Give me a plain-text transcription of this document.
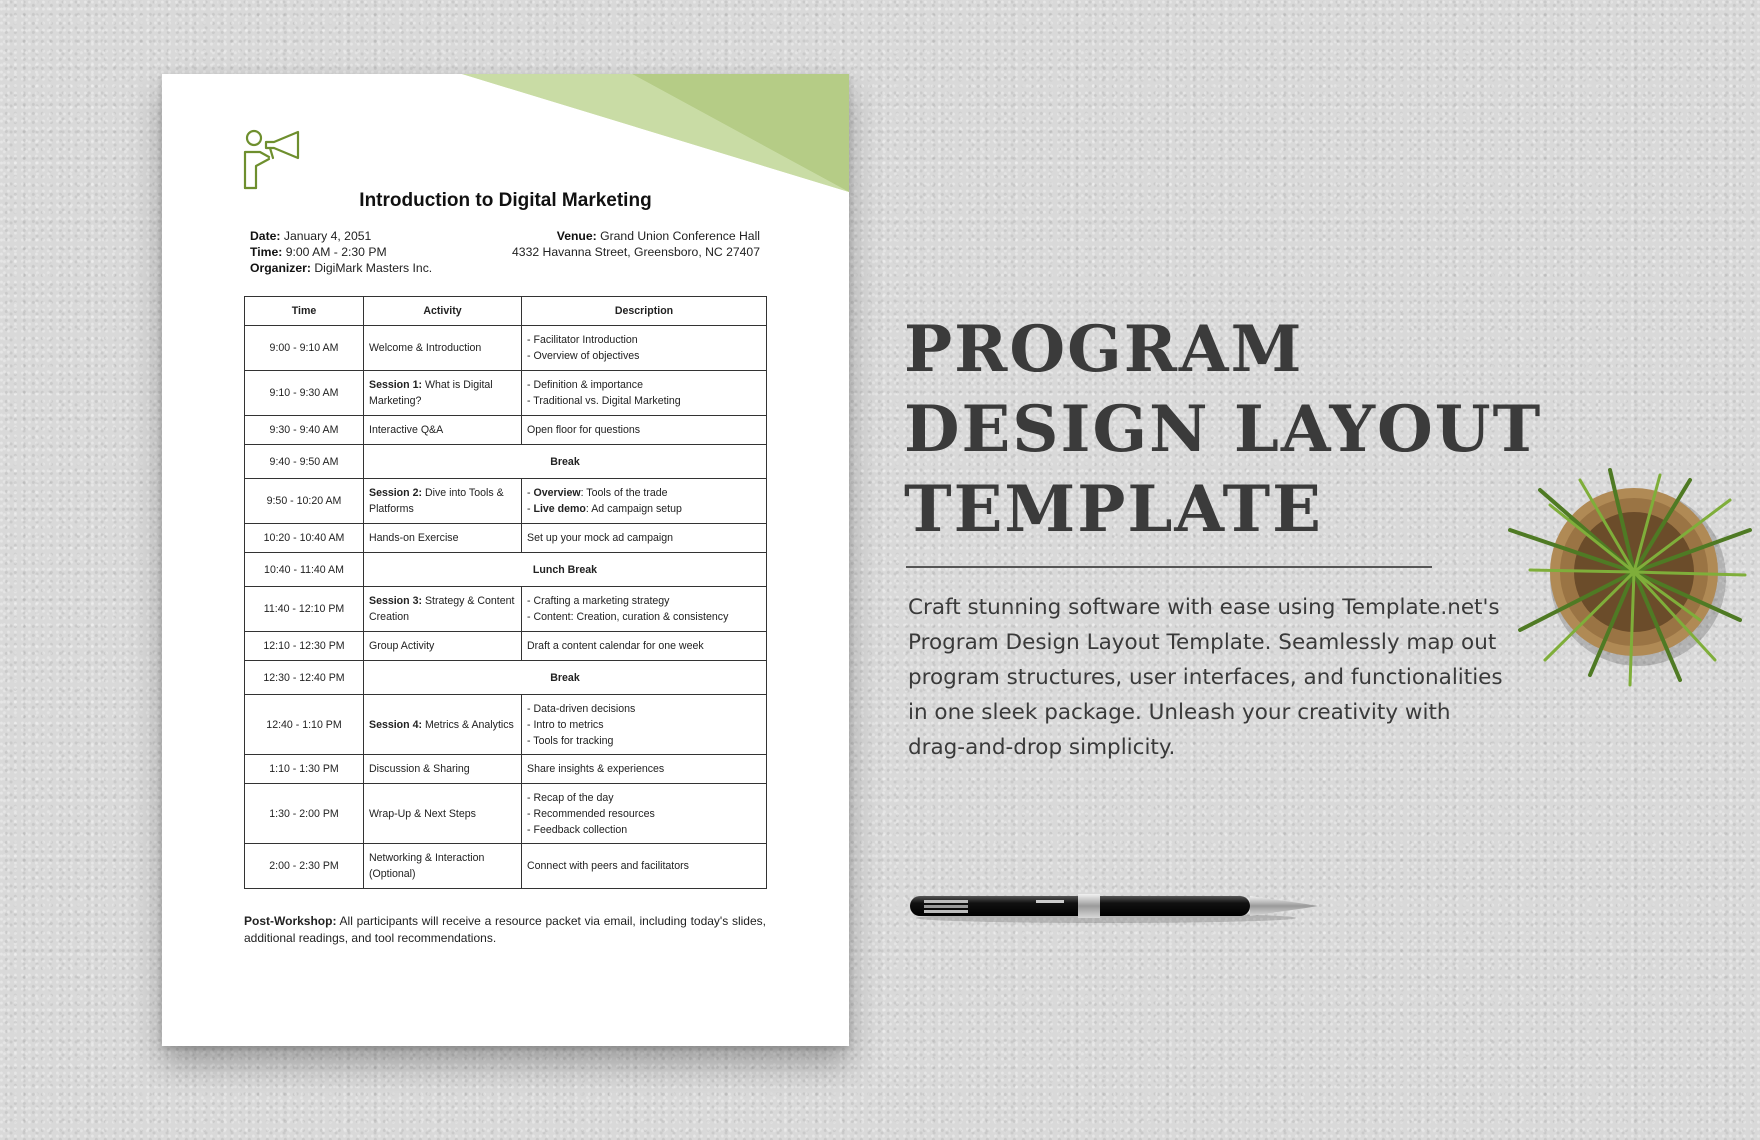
Introduction to Digital Marketing
Date: January 4, 2051
Time: 9:00 AM - 2:30 PM
Organizer: DigiMark Masters Inc.
Venue: Grand Union Conference Hall
4332 Havanna Street, Greensboro, NC 27407
Time	Activity	Description
9:00 - 9:10 AM	Welcome & Introduction	- Facilitator Introduction
- Overview of objectives

9:10 - 9:30 AM	Session 1: What is Digital Marketing?	- Definition & importance
- Traditional vs. Digital Marketing

9:30 - 9:40 AM	Interactive Q&A	Open floor for questions

9:40 - 9:50 AM	Break	
9:50 - 10:20 AM	Session 2: Dive into Tools & Platforms	- Overview: Tools of the trade
- Live demo: Ad campaign setup

10:20 - 10:40 AM	Hands-on Exercise	Set up your mock ad campaign

10:40 - 11:40 AM	Lunch Break	
11:40 - 12:10 PM	Session 3: Strategy & Content Creation	- Crafting a marketing strategy
- Content: Creation, curation & consistency

12:10 - 12:30 PM	Group Activity	Draft a content calendar for one week

12:30 - 12:40 PM	Break	
12:40 - 1:10 PM	Session 4: Metrics & Analytics	- Data-driven decisions
- Intro to metrics
- Tools for tracking

1:10 - 1:30 PM	Discussion & Sharing	Share insights & experiences

1:30 - 2:00 PM	Wrap-Up & Next Steps	- Recap of the day
- Recommended resources
- Feedback collection

2:00 - 2:30 PM	Networking & Interaction (Optional)	Connect with peers and facilitators
Post-Workshop: All participants will receive a resource packet via email, including today's slides, additional readings, and tool recommendations.
PROGRAM
DESIGN LAYOUT
TEMPLATE
Craft stunning software with ease using Template.net's Program Design Layout Template. Seamlessly map out program structures, user interfaces, and functionalities in one sleek package. Unleash your creativity with drag-and-drop simplicity.
